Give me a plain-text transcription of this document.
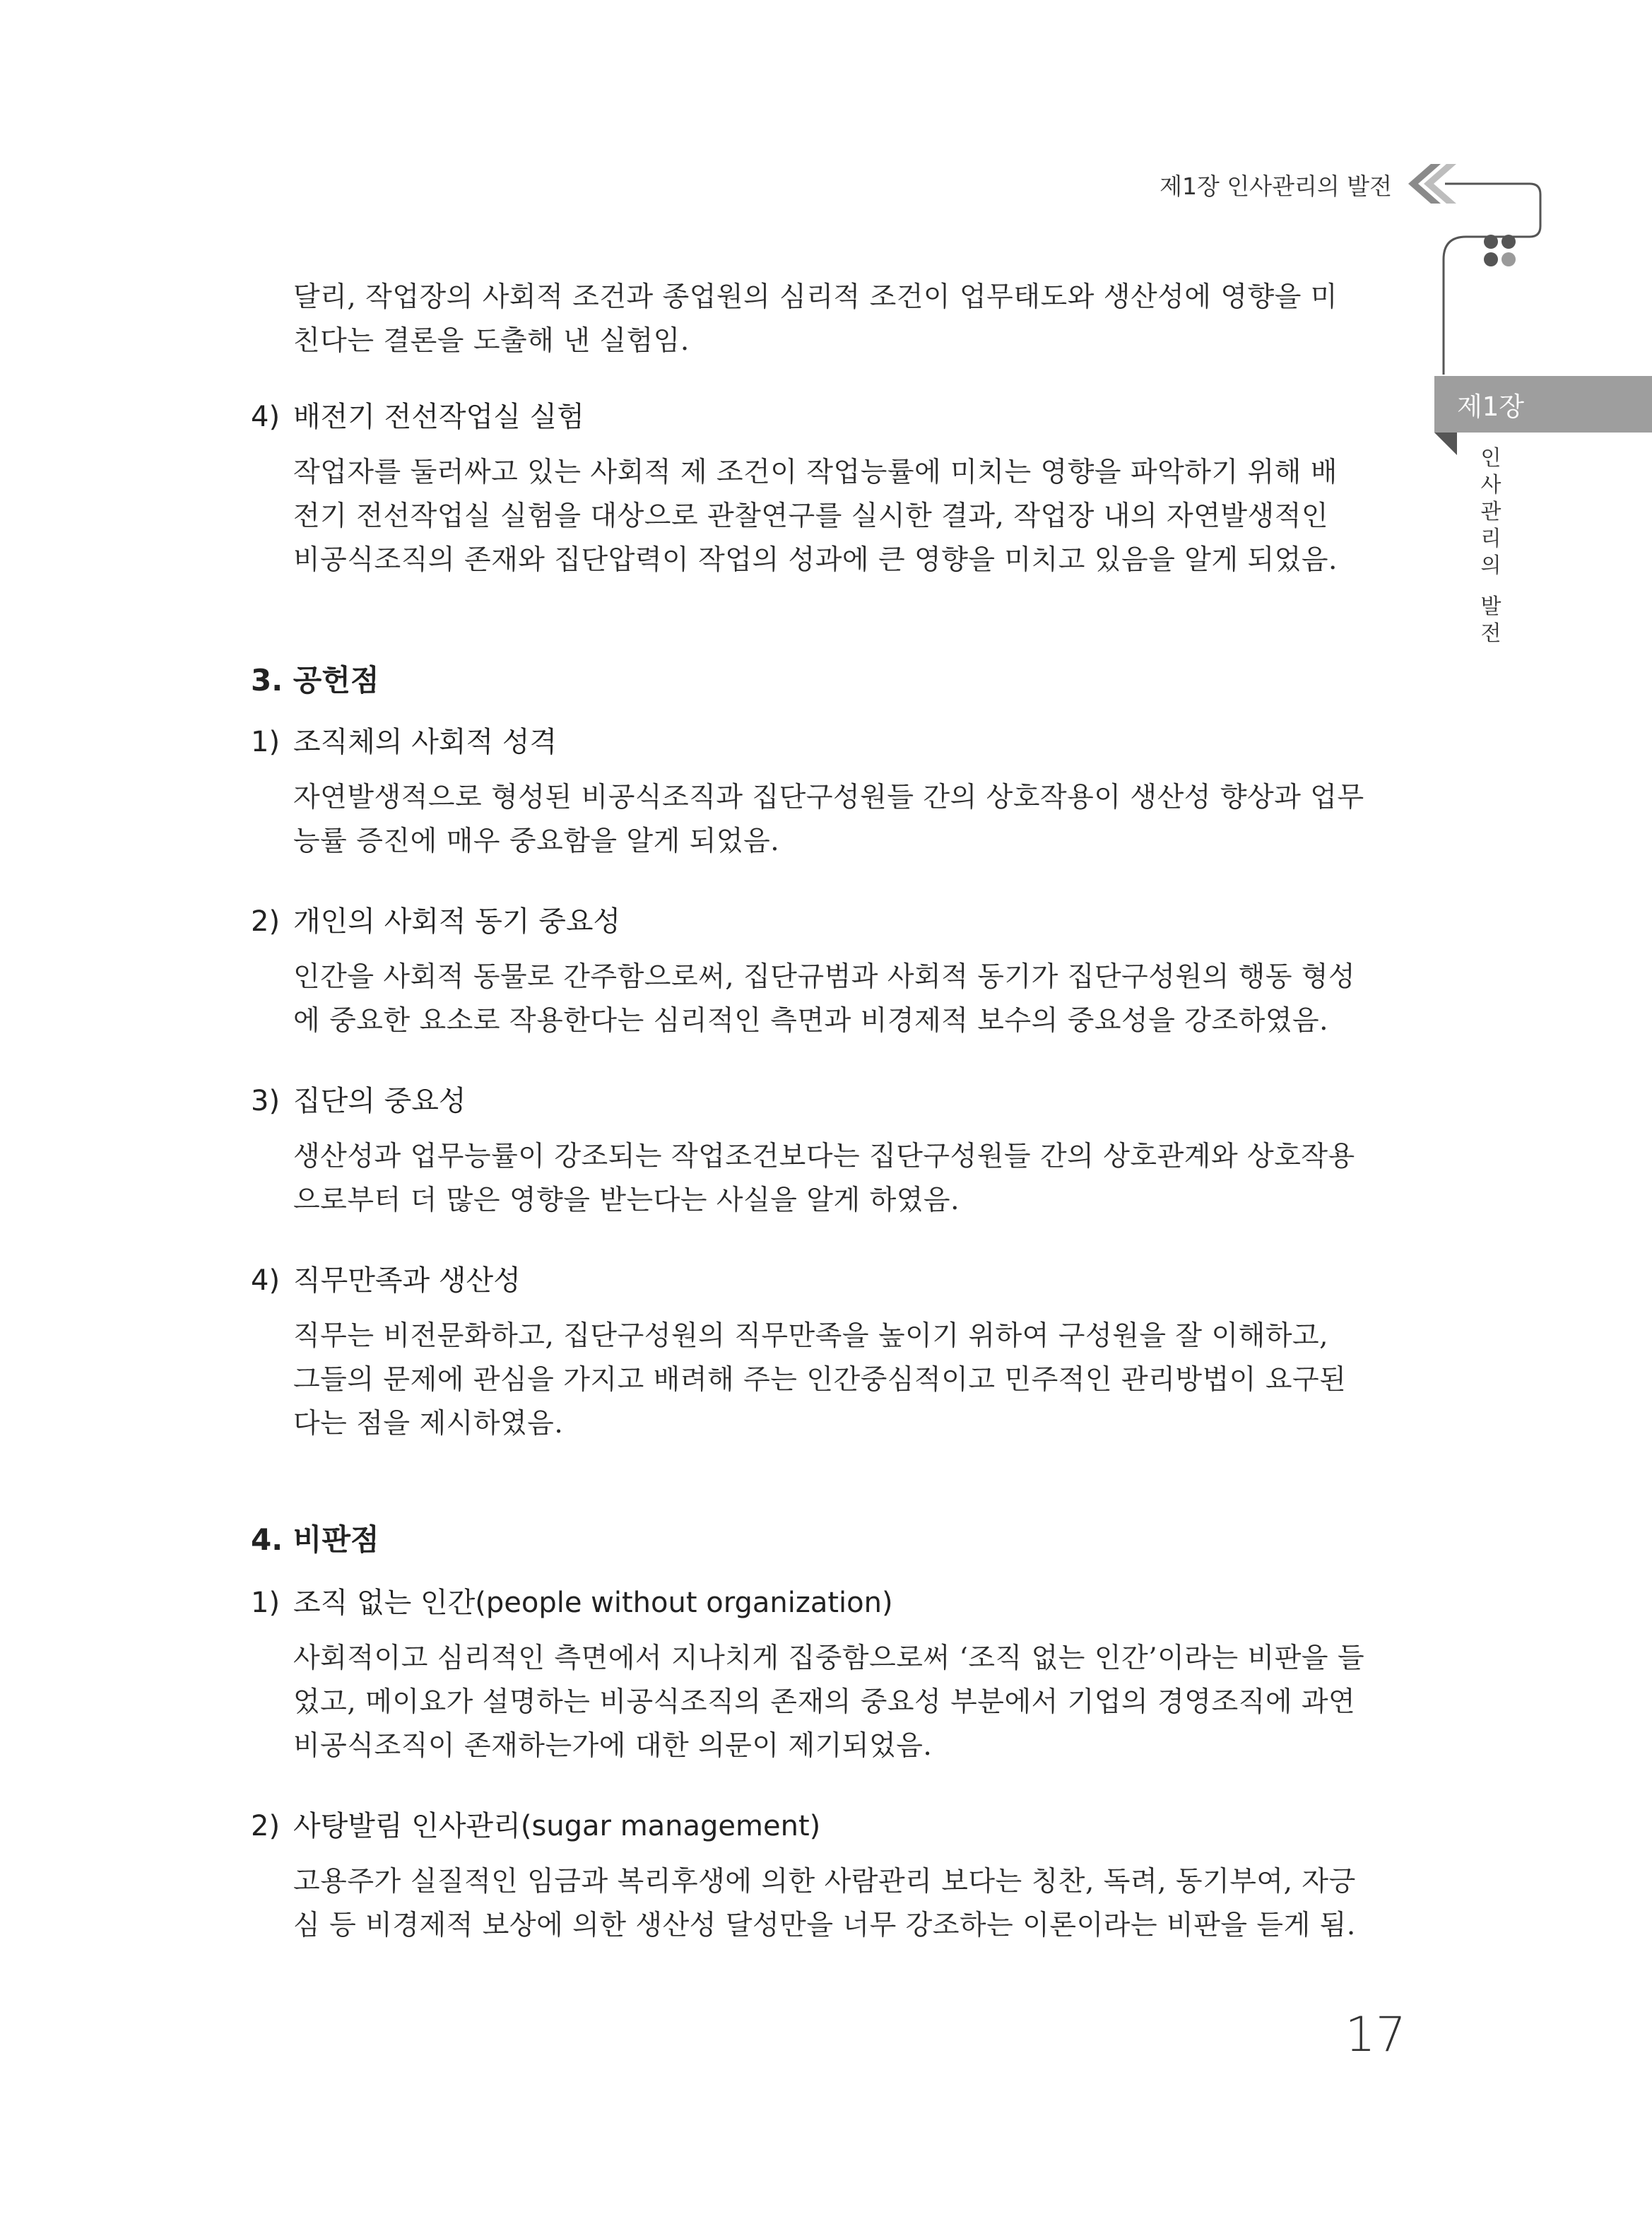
제1장 인사관리의 발전
제1장
인
사
관
리
의
발
전
달리, 작업장의 사회적 조건과 종업원의 심리적 조건이 업무태도와 생산성에 영향을 미
친다는 결론을 도출해 낸 실험임.
4) 배전기 전선작업실 실험
작업자를 둘러싸고 있는 사회적 제 조건이 작업능률에 미치는 영향을 파악하기 위해 배
전기 전선작업실 실험을 대상으로 관찰연구를 실시한 결과, 작업장 내의 자연발생적인
비공식조직의 존재와 집단압력이 작업의 성과에 큰 영향을 미치고 있음을 알게 되었음.
3. 공헌점
1) 조직체의 사회적 성격
자연발생적으로 형성된 비공식조직과 집단구성원들 간의 상호작용이 생산성 향상과 업무
능률 증진에 매우 중요함을 알게 되었음.
2) 개인의 사회적 동기 중요성
인간을 사회적 동물로 간주함으로써, 집단규범과 사회적 동기가 집단구성원의 행동 형성
에 중요한 요소로 작용한다는 심리적인 측면과 비경제적 보수의 중요성을 강조하였음.
3) 집단의 중요성
생산성과 업무능률이 강조되는 작업조건보다는 집단구성원들 간의 상호관계와 상호작용
으로부터 더 많은 영향을 받는다는 사실을 알게 하였음.
4) 직무만족과 생산성
직무는 비전문화하고, 집단구성원의 직무만족을 높이기 위하여 구성원을 잘 이해하고,
그들의 문제에 관심을 가지고 배려해 주는 인간중심적이고 민주적인 관리방법이 요구된
다는 점을 제시하였음.
4. 비판점
1) 조직 없는 인간(people without organization)
사회적이고 심리적인 측면에서 지나치게 집중함으로써 ‘조직 없는 인간’이라는 비판을 들
었고, 메이요가 설명하는 비공식조직의 존재의 중요성 부분에서 기업의 경영조직에 과연
비공식조직이 존재하는가에 대한 의문이 제기되었음.
2) 사탕발림 인사관리(sugar management)
고용주가 실질적인 임금과 복리후생에 의한 사람관리 보다는 칭찬, 독려, 동기부여, 자긍
심 등 비경제적 보상에 의한 생산성 달성만을 너무 강조하는 이론이라는 비판을 듣게 됨.
17
